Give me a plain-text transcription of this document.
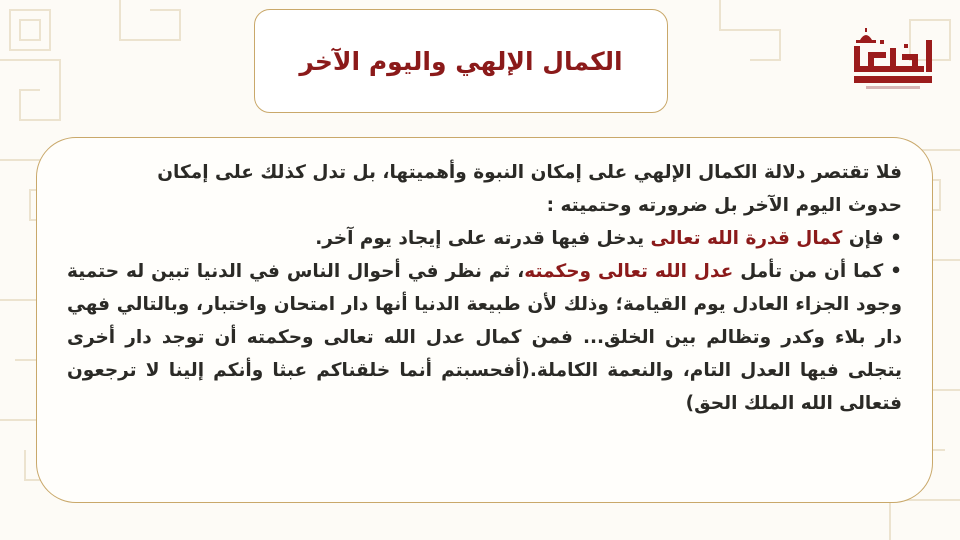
الكمال الإلهي واليوم الآخر

فلا تقتصر دلالة الكمال الإلهي على إمكان النبوة وأهميتها، بل تدل كذلك على إمكان
حدوث اليوم الآخر بل ضرورته وحتميته :

• فإن كمال قدرة الله تعالى يدخل فيها قدرته على إيجاد يوم آخر.

• كما أن من تأمل عدل الله تعالى وحكمته، ثم نظر في أحوال الناس في الدنيا تبين له حتمية وجود الجزاء العادل يوم القيامة؛ وذلك لأن طبيعة الدنيا أنها دار امتحان واختبار، وبالتالي فهي دار بلاء وكدر وتظالم بين الخلق... فمن كمال عدل الله تعالى وحكمته أن توجد دار أخرى يتجلى فيها العدل التام، والنعمة الكاملة.(أفحسبتم أنما خلقناكم عبثا وأنكم إلينا لا ترجعون فتعالى الله الملك الحق)
